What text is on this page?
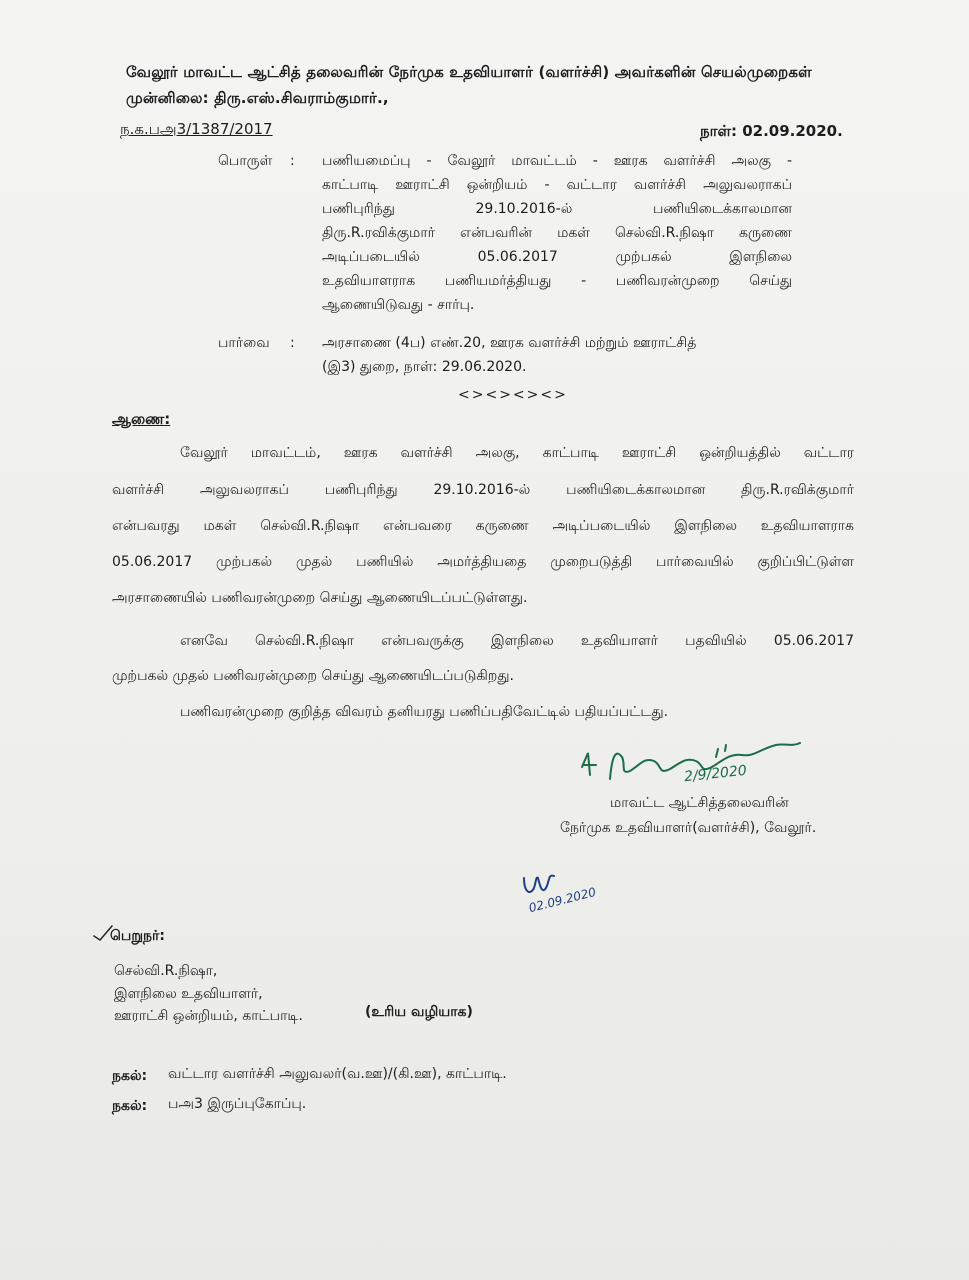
வேலூர் மாவட்ட ஆட்சித் தலைவரின் நேர்முக உதவியாளர் (வளர்ச்சி) அவர்களின் செயல்முறைகள்
முன்னிலை: திரு.எஸ்.சிவராம்குமார்.,
ந.க.பஅ3/1387/2017	நாள்: 02.09.2020.
பொருள் : பணியமைப்பு - வேலூர் மாவட்டம் - ஊரக வளர்ச்சி அலகு -
காட்பாடி ஊராட்சி ஒன்றியம் - வட்டார வளர்ச்சி அலுவலராகப்
பணிபுரிந்து 29.10.2016-ல் பணியிடைக்காலமான
திரு.R.ரவிக்குமார் என்பவரின் மகள் செல்வி.R.நிஷா கருணை
அடிப்படையில் 05.06.2017 முற்பகல் இளநிலை
உதவியாளராக பணியமர்த்தியது - பணிவரன்முறை செய்து
ஆணையிடுவது - சார்பு.
பார்வை : அரசாணை (4ப) எண்.20, ஊரக வளர்ச்சி மற்றும் ஊராட்சித்
(இ3) துறை, நாள்: 29.06.2020.
<><><><>
ஆணை:
வேலூர் மாவட்டம், ஊரக வளர்ச்சி அலகு, காட்பாடி ஊராட்சி ஒன்றியத்தில் வட்டார
வளர்ச்சி அலுவலராகப் பணிபுரிந்து 29.10.2016-ல் பணியிடைக்காலமான திரு.R.ரவிக்குமார்
என்பவரது மகள் செல்வி.R.நிஷா என்பவரை கருணை அடிப்படையில் இளநிலை உதவியாளராக
05.06.2017 முற்பகல் முதல் பணியில் அமர்த்தியதை முறைபடுத்தி பார்வையில் குறிப்பிட்டுள்ள
அரசாணையில் பணிவரன்முறை செய்து ஆணையிடப்பட்டுள்ளது.
எனவே செல்வி.R.நிஷா என்பவருக்கு இளநிலை உதவியாளர் பதவியில் 05.06.2017
முற்பகல் முதல் பணிவரன்முறை செய்து ஆணையிடப்படுகிறது.
பணிவரன்முறை குறித்த விவரம் தனியரது பணிப்பதிவேட்டில் பதியப்பட்டது.
2/9/2020
மாவட்ட ஆட்சித்தலைவரின்
நேர்முக உதவியாளர்(வளர்ச்சி), வேலூர்.
02.09.2020
பெறுநர்:
செல்வி.R.நிஷா,
இளநிலை உதவியாளர்,
ஊராட்சி ஒன்றியம், காட்பாடி.	(உரிய வழியாக)
நகல்: வட்டார வளர்ச்சி அலுவலர்(வ.ஊ)/(கி.ஊ), காட்பாடி.
நகல்: பஅ3 இருப்புகோப்பு.
